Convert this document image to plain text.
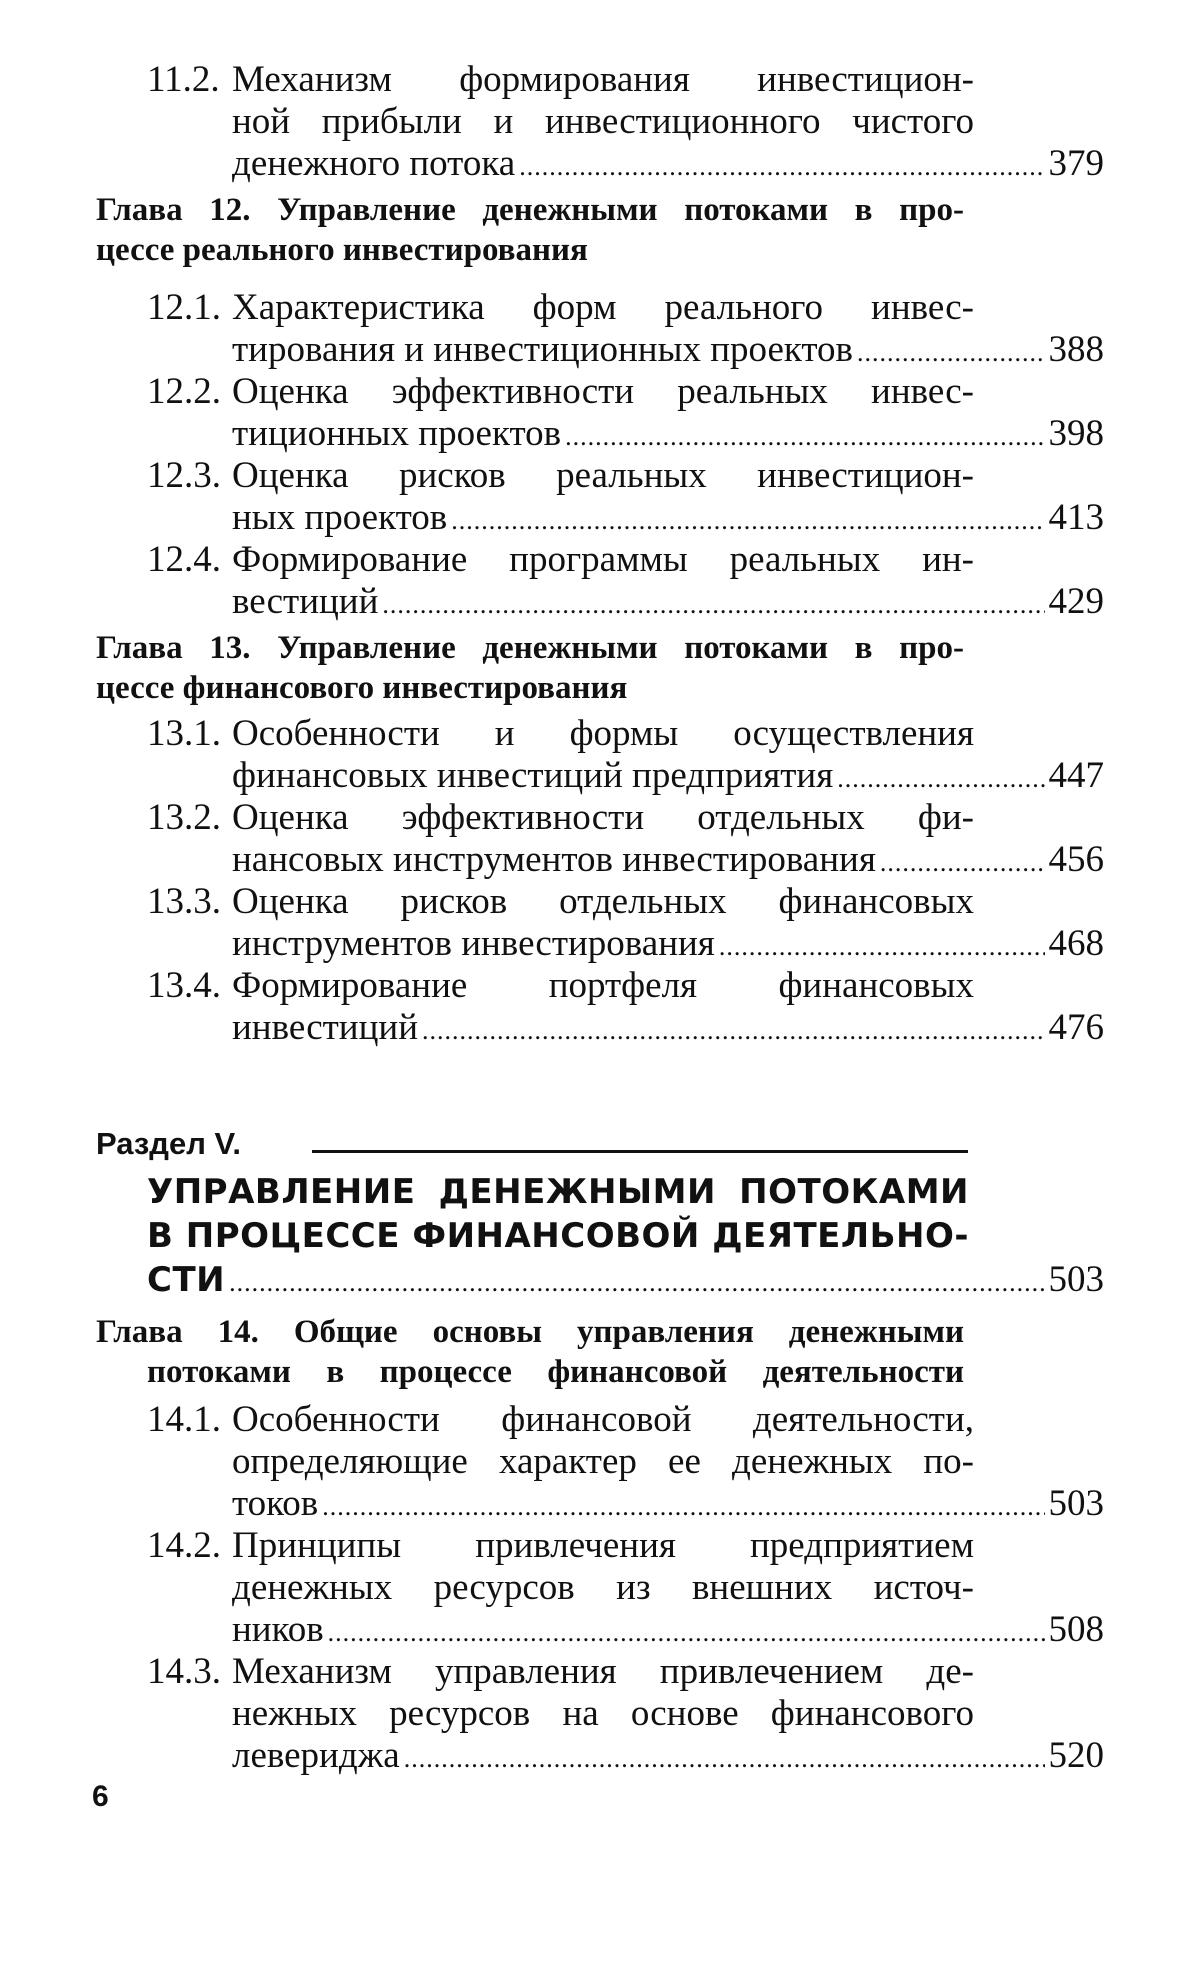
11.2. Механизм формирования инвестицион-
ной прибыли и инвестиционного чистого
денежного потока .....	379
Глава 12. Управление денежными потоками в про-
цессе реального инвестирования
12.1. Характеристика форм реального инвес-
тирования и инвестиционных проектов .....	388
12.2. Оценка эффективности реальных инвес-
тиционных проектов .....	398
12.3. Оценка рисков реальных инвестицион-
ных проектов .....	413
12.4. Формирование программы реальных ин-
вестиций .....	429
Глава 13. Управление денежными потоками в про-
цессе финансового инвестирования
13.1. Особенности и формы осуществления
финансовых инвестиций предприятия .....	447
13.2. Оценка эффективности отдельных фи-
нансовых инструментов инвестирования .....	456
13.3. Оценка рисков отдельных финансовых
инструментов инвестирования .....	468
13.4. Формирование портфеля финансовых
инвестиций .....	476
Раздел V.
УПРАВЛЕНИЕ ДЕНЕЖНЫМИ ПОТОКАМИ
В ПРОЦЕССЕ ФИНАНСОВОЙ ДЕЯТЕЛЬНО-
СТИ .....	503
Глава 14. Общие основы управления денежными
потоками в процессе финансовой деятельности
14.1. Особенности финансовой деятельности,
определяющие характер ее денежных по-
токов .....	503
14.2. Принципы привлечения предприятием
денежных ресурсов из внешних источ-
ников .....	508
14.3. Механизм управления привлечением де-
нежных ресурсов на основе финансового
левериджа .....	520
6
